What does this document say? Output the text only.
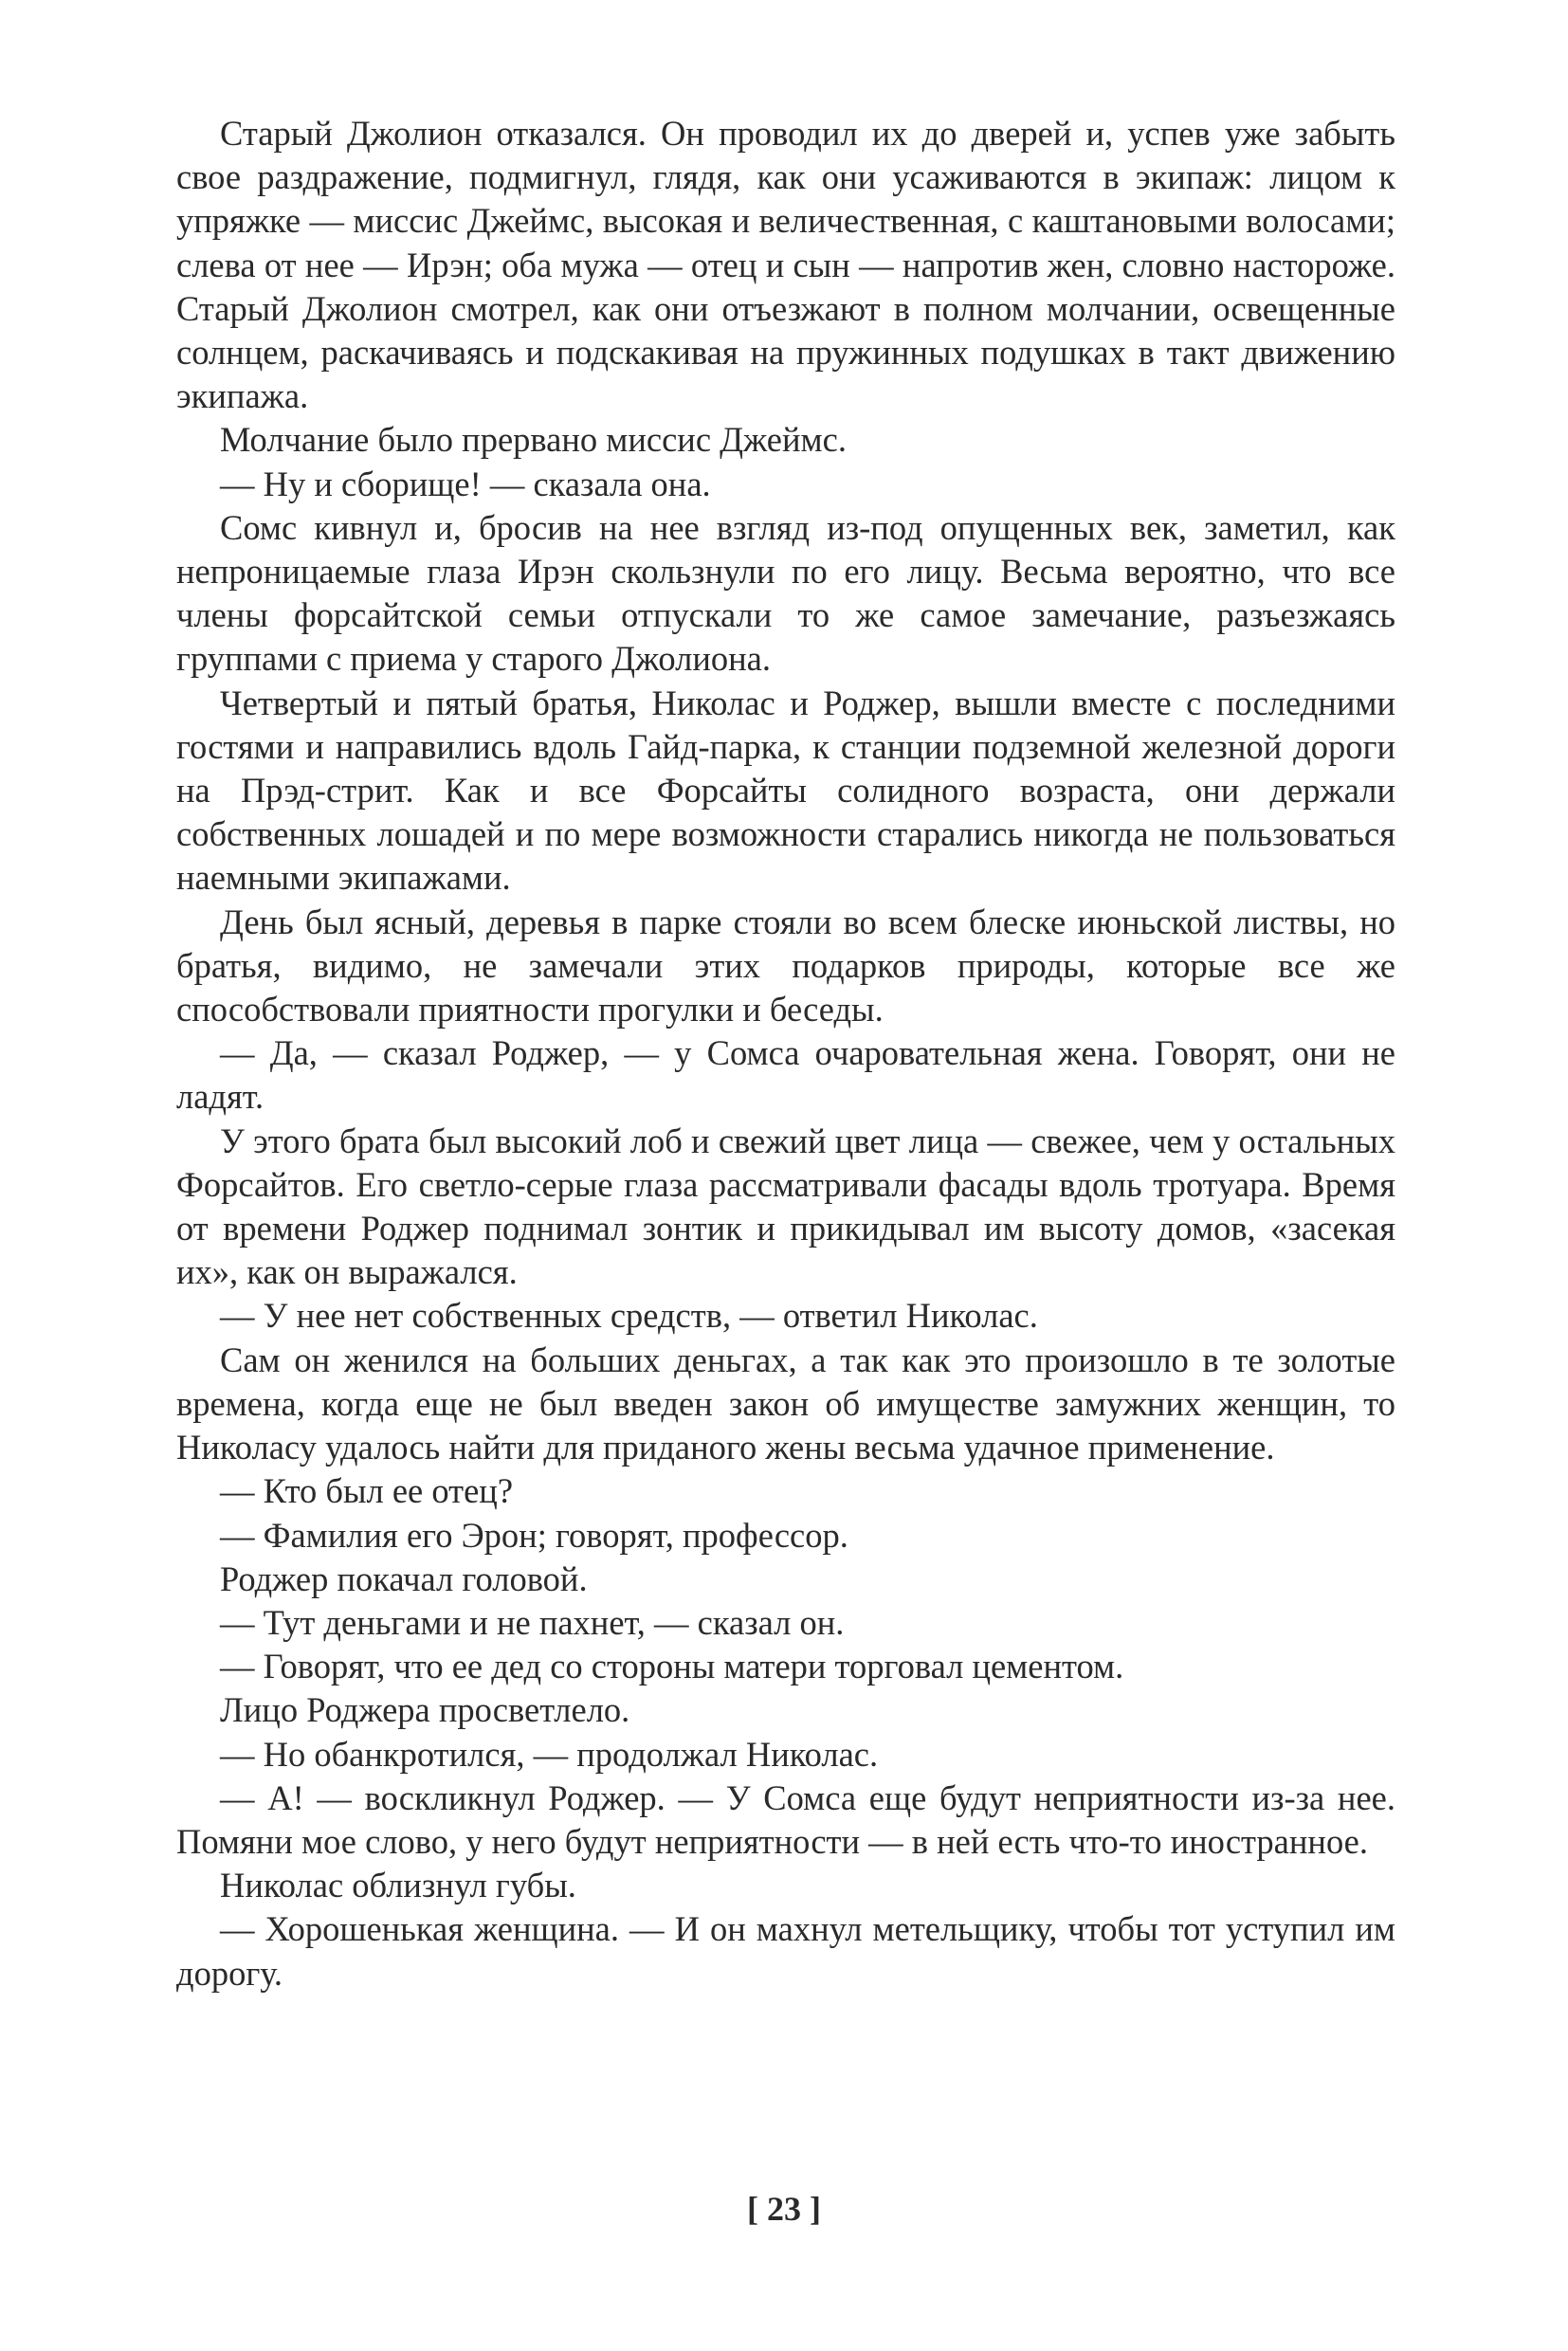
Старый Джолион отказался. Он проводил их до дверей и, успев уже забыть свое раздражение, подмигнул, глядя, как они усаживаются в экипаж: лицом к упряжке — миссис Джеймс, высокая и величественная, с каштановыми волосами; слева от нее — Ирэн; оба мужа — отец и сын — напротив жен, словно настороже. Старый Джолион смотрел, как они отъезжают в полном молчании, освещенные солнцем, раскачиваясь и подскакивая на пружинных подушках в такт движению экипажа.

Молчание было прервано миссис Джеймс.

— Ну и сборище! — сказала она.

Сомс кивнул и, бросив на нее взгляд из-под опущенных век, заметил, как непроницаемые глаза Ирэн скользнули по его лицу. Весьма вероятно, что все члены форсайтской семьи отпускали то же самое замечание, разъезжаясь группами с приема у старого Джолиона.

Четвертый и пятый братья, Николас и Роджер, вышли вместе с последними гостями и направились вдоль Гайд-парка, к станции подземной железной дороги на Прэд-стрит. Как и все Форсайты солидного возраста, они держали собственных лошадей и по мере возможности старались никогда не пользоваться наемными экипажами.

День был ясный, деревья в парке стояли во всем блеске июньской листвы, но братья, видимо, не замечали этих подарков природы, которые все же способствовали приятности прогулки и беседы.

— Да, — сказал Роджер, — у Сомса очаровательная жена. Говорят, они не ладят.

У этого брата был высокий лоб и свежий цвет лица — свежее, чем у остальных Форсайтов. Его светло-серые глаза рассматривали фасады вдоль тротуара. Время от времени Роджер поднимал зонтик и прикидывал им высоту домов, «засекая их», как он выражался.

— У нее нет собственных средств, — ответил Николас.

Сам он женился на больших деньгах, а так как это произошло в те золотые времена, когда еще не был введен закон об имуществе замужних женщин, то Николасу удалось найти для приданого жены весьма удачное применение.

— Кто был ее отец?

— Фамилия его Эрон; говорят, профессор.

Роджер покачал головой.

— Тут деньгами и не пахнет, — сказал он.

— Говорят, что ее дед со стороны матери торговал цементом.

Лицо Роджера просветлело.

— Но обанкротился, — продолжал Николас.

— А! — воскликнул Роджер. — У Сомса еще будут неприятности из-за нее. Помяни мое слово, у него будут неприятности — в ней есть что-то иностранное.

Николас облизнул губы.

— Хорошенькая женщина. — И он махнул метельщику, чтобы тот уступил им дорогу.

[ 23 ]
